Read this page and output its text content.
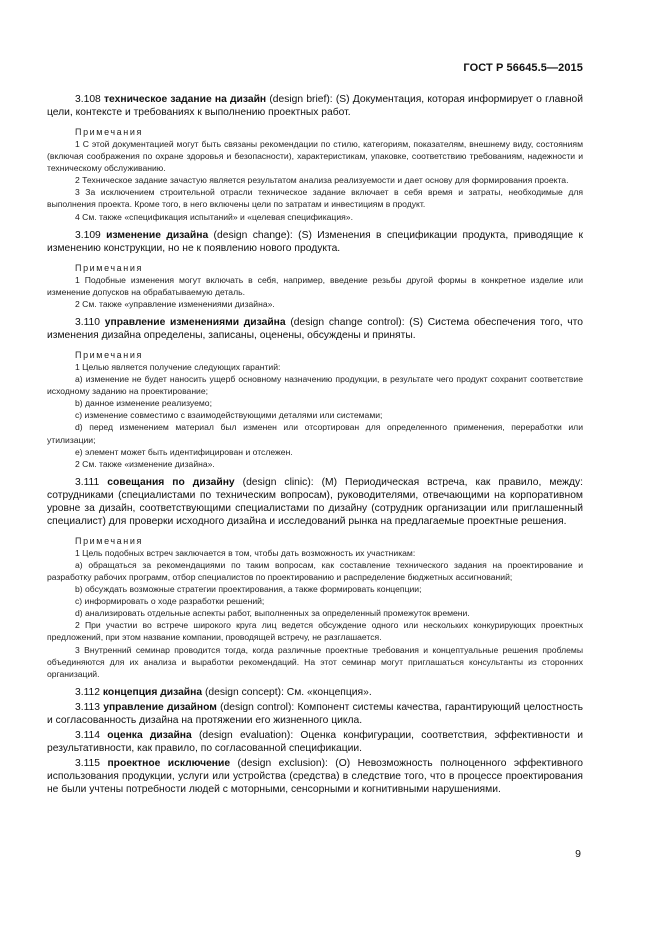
ГОСТ Р 56645.5—2015

3.108 техническое задание на дизайн (design brief): (S) Документация, которая информирует о главной цели, контексте и требованиях к выполнению проектных работ.

Примечания

1 С этой документацией могут быть связаны рекомендации по стилю, категориям, показателям, внешнему виду, состояниям (включая соображения по охране здоровья и безопасности), характеристикам, упаковке, соответствию требованиям, надежности и техническому обслуживанию.

2 Техническое задание зачастую является результатом анализа реализуемости и дает основу для формирования проекта.

3 За исключением строительной отрасли техническое задание включает в себя время и затраты, необходимые для выполнения проекта. Кроме того, в него включены цели по затратам и инвестициям в продукт.

4 См. также «спецификация испытаний» и «целевая спецификация».

3.109 изменение дизайна (design change): (S) Изменения в спецификации продукта, приводящие к изменению конструкции, но не к появлению нового продукта.

Примечания

1 Подобные изменения могут включать в себя, например, введение резьбы другой формы в конкретное изделие или изменение допусков на обрабатываемую деталь.

2 См. также «управление изменениями дизайна».

3.110 управление изменениями дизайна (design change control): (S) Система обеспечения того, что изменения дизайна определены, записаны, оценены, обсуждены и приняты.

Примечания

1 Целью является получение следующих гарантий:

a) изменение не будет наносить ущерб основному назначению продукции, в результате чего продукт сохранит соответствие исходному заданию на проектирование;

b) данное изменение реализуемо;

c) изменение совместимо с взаимодействующими деталями или системами;

d) перед изменением материал был изменен или отсортирован для определенного применения, переработки или утилизации;

e) элемент может быть идентифицирован и отслежен.

2 См. также «изменение дизайна».

3.111 совещания по дизайну (design clinic): (M) Периодическая встреча, как правило, между: сотрудниками (специалистами по техническим вопросам), руководителями, отвечающими на корпоративном уровне за дизайн, соответствующими специалистами по дизайну (сотрудник организации или приглашенный специалист) для проверки исходного дизайна и исследований рынка на предлагаемые проектные решения.

Примечания

1 Цель подобных встреч заключается в том, чтобы дать возможность их участникам:

a) обращаться за рекомендациями по таким вопросам, как составление технического задания на проектирование и разработку рабочих программ, отбор специалистов по проектированию и распределение бюджетных ассигнований;

b) обсуждать возможные стратегии проектирования, а также формировать концепции;

c) информировать о ходе разработки решений;

d) анализировать отдельные аспекты работ, выполненных за определенный промежуток времени.

2 При участии во встрече широкого круга лиц ведется обсуждение одного или нескольких конкурирующих проектных предложений, при этом название компании, проводящей встречу, не разглашается.

3 Внутренний семинар проводится тогда, когда различные проектные требования и концептуальные решения проблемы объединяются для их анализа и выработки рекомендаций. На этот семинар могут приглашаться консультанты из сторонних организаций.

3.112 концепция дизайна (design concept): См. «концепция».

3.113 управление дизайном (design control): Компонент системы качества, гарантирующий целостность и согласованность дизайна на протяжении его жизненного цикла.

3.114 оценка дизайна (design evaluation): Оценка конфигурации, соответствия, эффективности и результативности, как правило, по согласованной спецификации.

3.115 проектное исключение (design exclusion): (O) Невозможность полноценного эффективного использования продукции, услуги или устройства (средства) в следствие того, что в процессе проектирования не были учтены потребности людей с моторными, сенсорными и когнитивными нарушениями.

9
